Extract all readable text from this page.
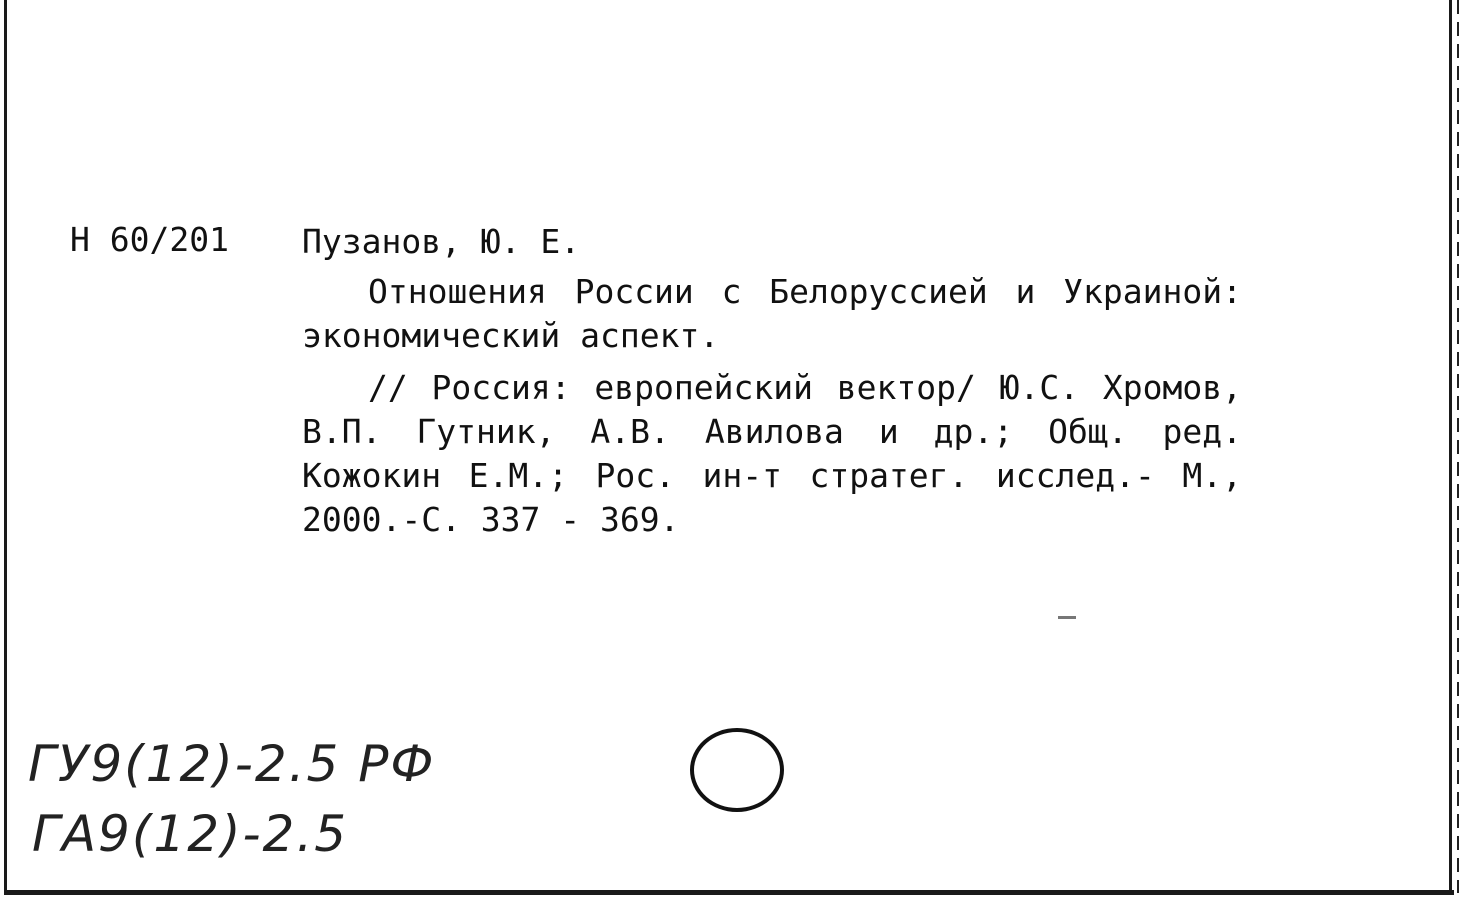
Н 60/201 Пузанов, Ю. Е.

Отношения России с Белоруссией и Украиной: экономический аспект.

// Россия: европейский вектор/ Ю.С. Хромов, В.П. Гутник, А.В. Авилова и др.; Общ. ред. Кожокин Е.М.; Рос. ин-т стратег. исслед.- М., 2000.-С. 337 - 369.

ГУ9(12)-2.5 РФ
ГА9(12)-2.5
